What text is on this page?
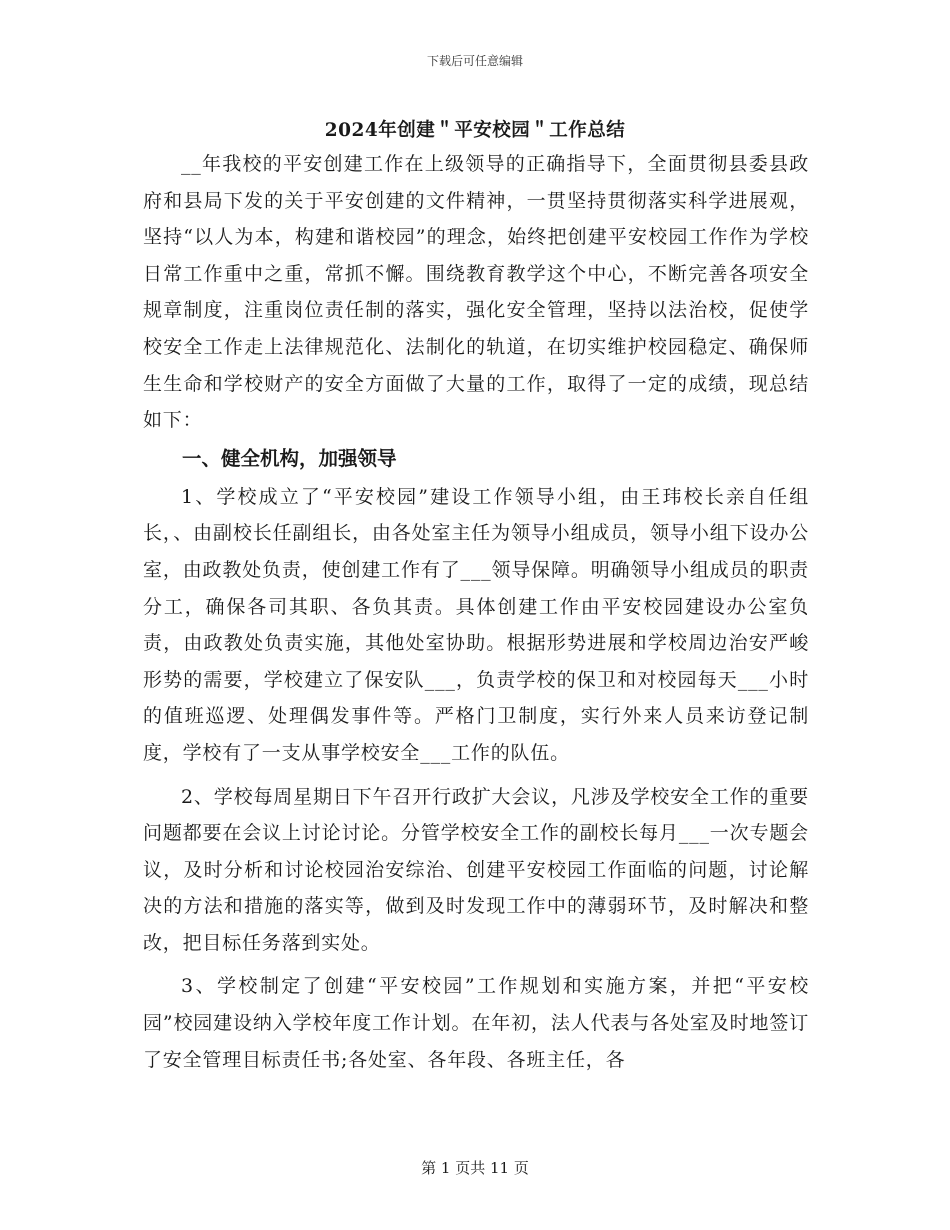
下载后可任意编辑
2024年创建＂平安校园＂工作总结

__年我校的平安创建工作在上级领导的正确指导下，全面贯彻县委县政府和县局下发的关于平安创建的文件精神，一贯坚持贯彻落实科学进展观，坚持“以人为本，构建和谐校园”的理念，始终把创建平安校园工作作为学校日常工作重中之重，常抓不懈。围绕教育教学这个中心，不断完善各项安全规章制度，注重岗位责任制的落实，强化安全管理，坚持以法治校，促使学校安全工作走上法律规范化、法制化的轨道，在切实维护校园稳定、确保师生生命和学校财产的安全方面做了大量的工作，取得了一定的成绩，现总结如下：

一、健全机构，加强领导

1、学校成立了“平安校园”建设工作领导小组，由王玮校长亲自任组长，、由副校长任副组长，由各处室主任为领导小组成员，领导小组下设办公室，由政教处负责，使创建工作有了___领导保障。明确领导小组成员的职责分工，确保各司其职、各负其责。具体创建工作由平安校园建设办公室负责，由政教处负责实施，其他处室协助。根据形势进展和学校周边治安严峻形势的需要，学校建立了保安队___，负责学校的保卫和对校园每天___小时的值班巡逻、处理偶发事件等。严格门卫制度，实行外来人员来访登记制度，学校有了一支从事学校安全___工作的队伍。

2、学校每周星期日下午召开行政扩大会议，凡涉及学校安全工作的重要问题都要在会议上讨论讨论。分管学校安全工作的副校长每月___一次专题会议，及时分析和讨论校园治安综治、创建平安校园工作面临的问题，讨论解决的方法和措施的落实等，做到及时发现工作中的薄弱环节，及时解决和整改，把目标任务落到实处。

3、学校制定了创建“平安校园”工作规划和实施方案，并把“平安校园”校园建设纳入学校年度工作计划。在年初，法人代表与各处室及时地签订了安全管理目标责任书;各处室、各年段、各班主任，各

第 1 页共 11 页
